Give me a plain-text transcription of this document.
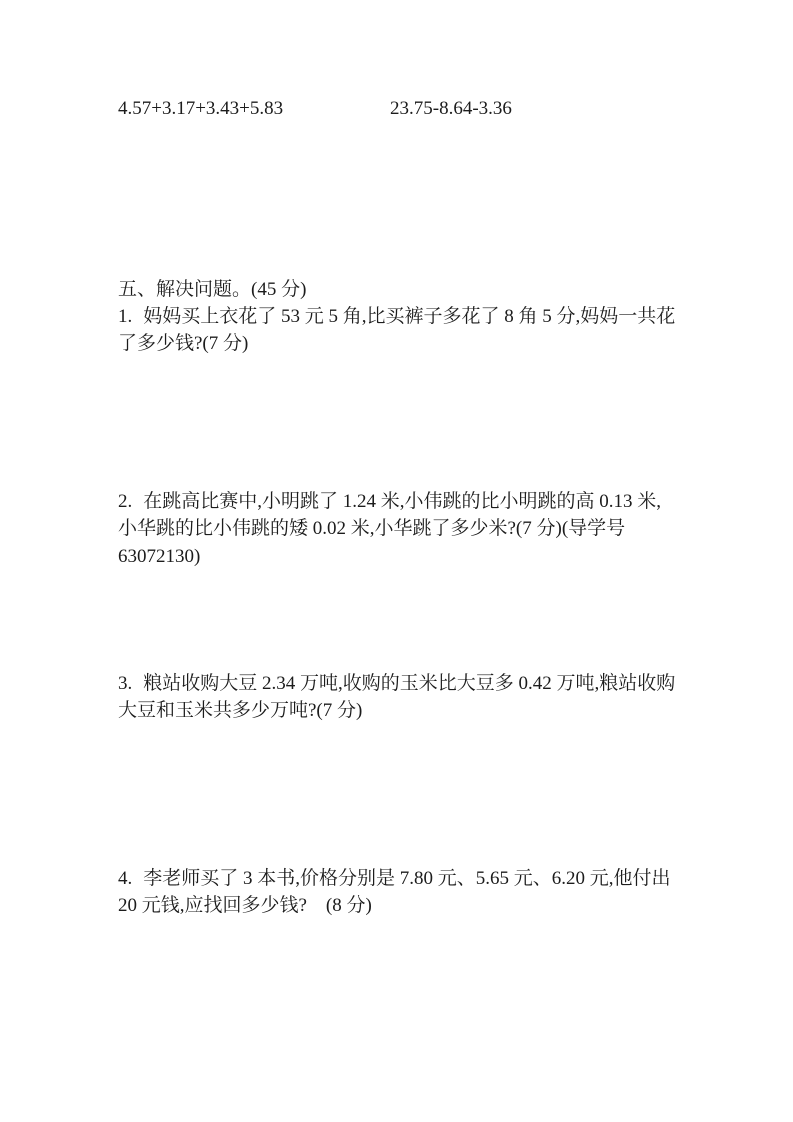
4.57+3.17+3.43+5.83	23.75-8.64-3.36
五、解决问题。(45 分)
1. 妈妈买上衣花了 53 元 5 角,比买裤子多花了 8 角 5 分,妈妈一共花了多少钱?(7 分)
2. 在跳高比赛中,小明跳了 1.24 米,小伟跳的比小明跳的高 0.13 米,小华跳的比小伟跳的矮 0.02 米,小华跳了多少米?(7 分)(导学号   63072130)
3. 粮站收购大豆 2.34 万吨,收购的玉米比大豆多 0.42 万吨,粮站收购大豆和玉米共多少万吨?(7 分)
4. 李老师买了 3 本书,价格分别是 7.80 元、5.65 元、6.20 元,他付出 20 元钱,应找回多少钱?    (8 分)
